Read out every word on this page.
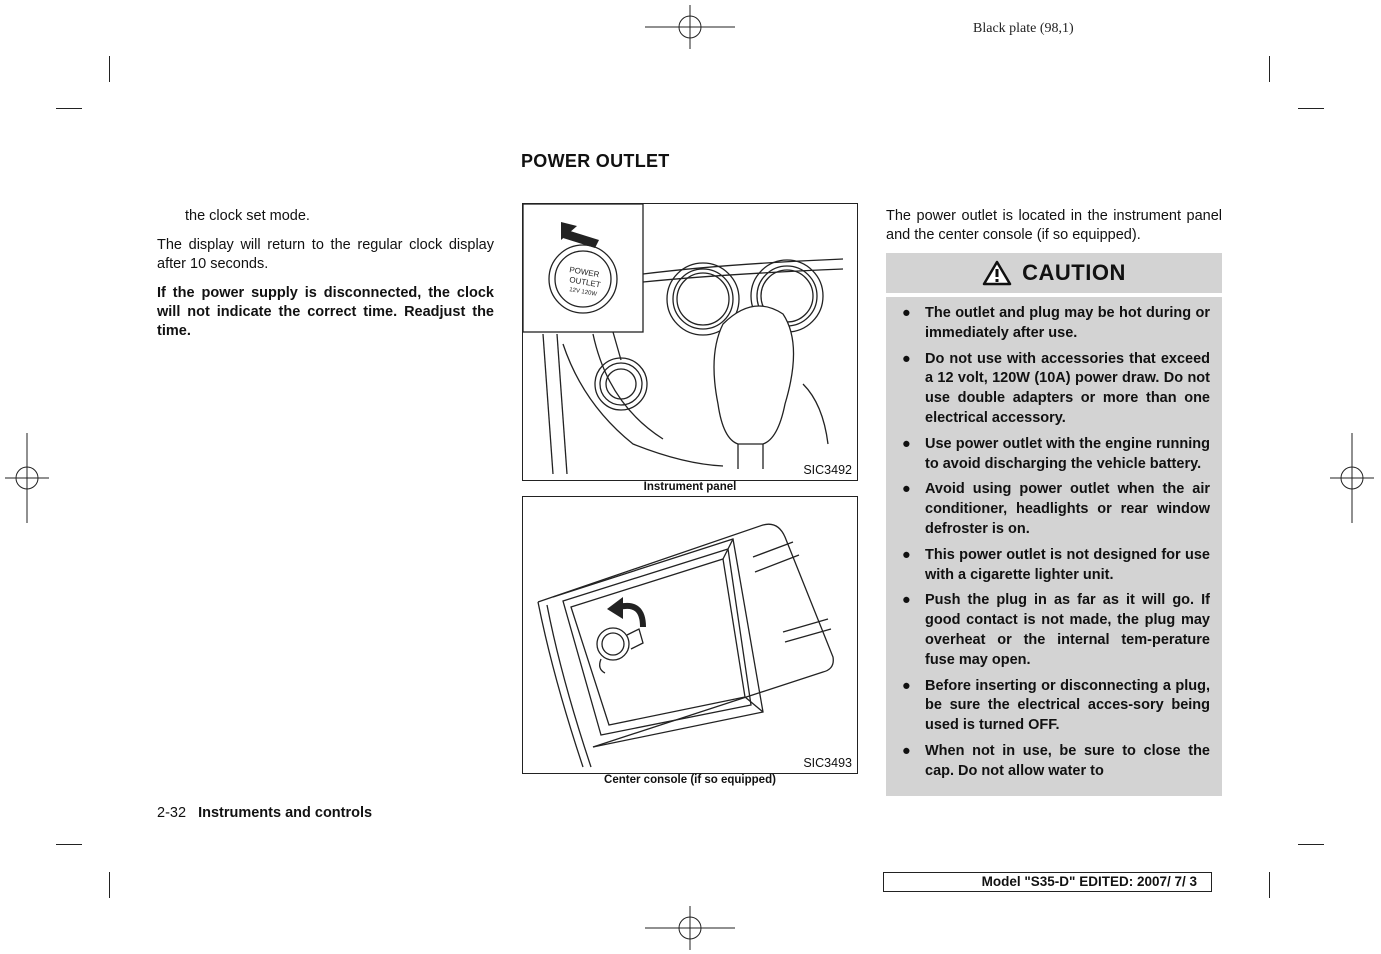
Black plate (98,1)

the clock set mode.

The display will return to the regular clock display after 10 seconds.

If the power supply is disconnected, the clock will not indicate the correct time. Readjust the time.

POWER OUTLET
POWER
OUTLET
12V 120W
SIC3492
Instrument panel
SIC3493
Center console (if so equipped)
The power outlet is located in the instrument panel and the center console (if so equipped).
CAUTION
● The outlet and plug may be hot during or immediately after use.
● Do not use with accessories that exceed a 12 volt, 120W (10A) power draw. Do not use double adapters or more than one electrical accessory.
● Use power outlet with the engine running to avoid discharging the vehicle battery.
● Avoid using power outlet when the air conditioner, headlights or rear window defroster is on.
● This power outlet is not designed for use with a cigarette lighter unit.
● Push the plug in as far as it will go. If good contact is not made, the plug may overheat or the internal tem-perature fuse may open.
● Before inserting or disconnecting a plug, be sure the electrical acces-sory being used is turned OFF.
● When not in use, be sure to close the cap. Do not allow water to
2-32 Instruments and controls
Model "S35-D" EDITED: 2007/ 7/ 3
